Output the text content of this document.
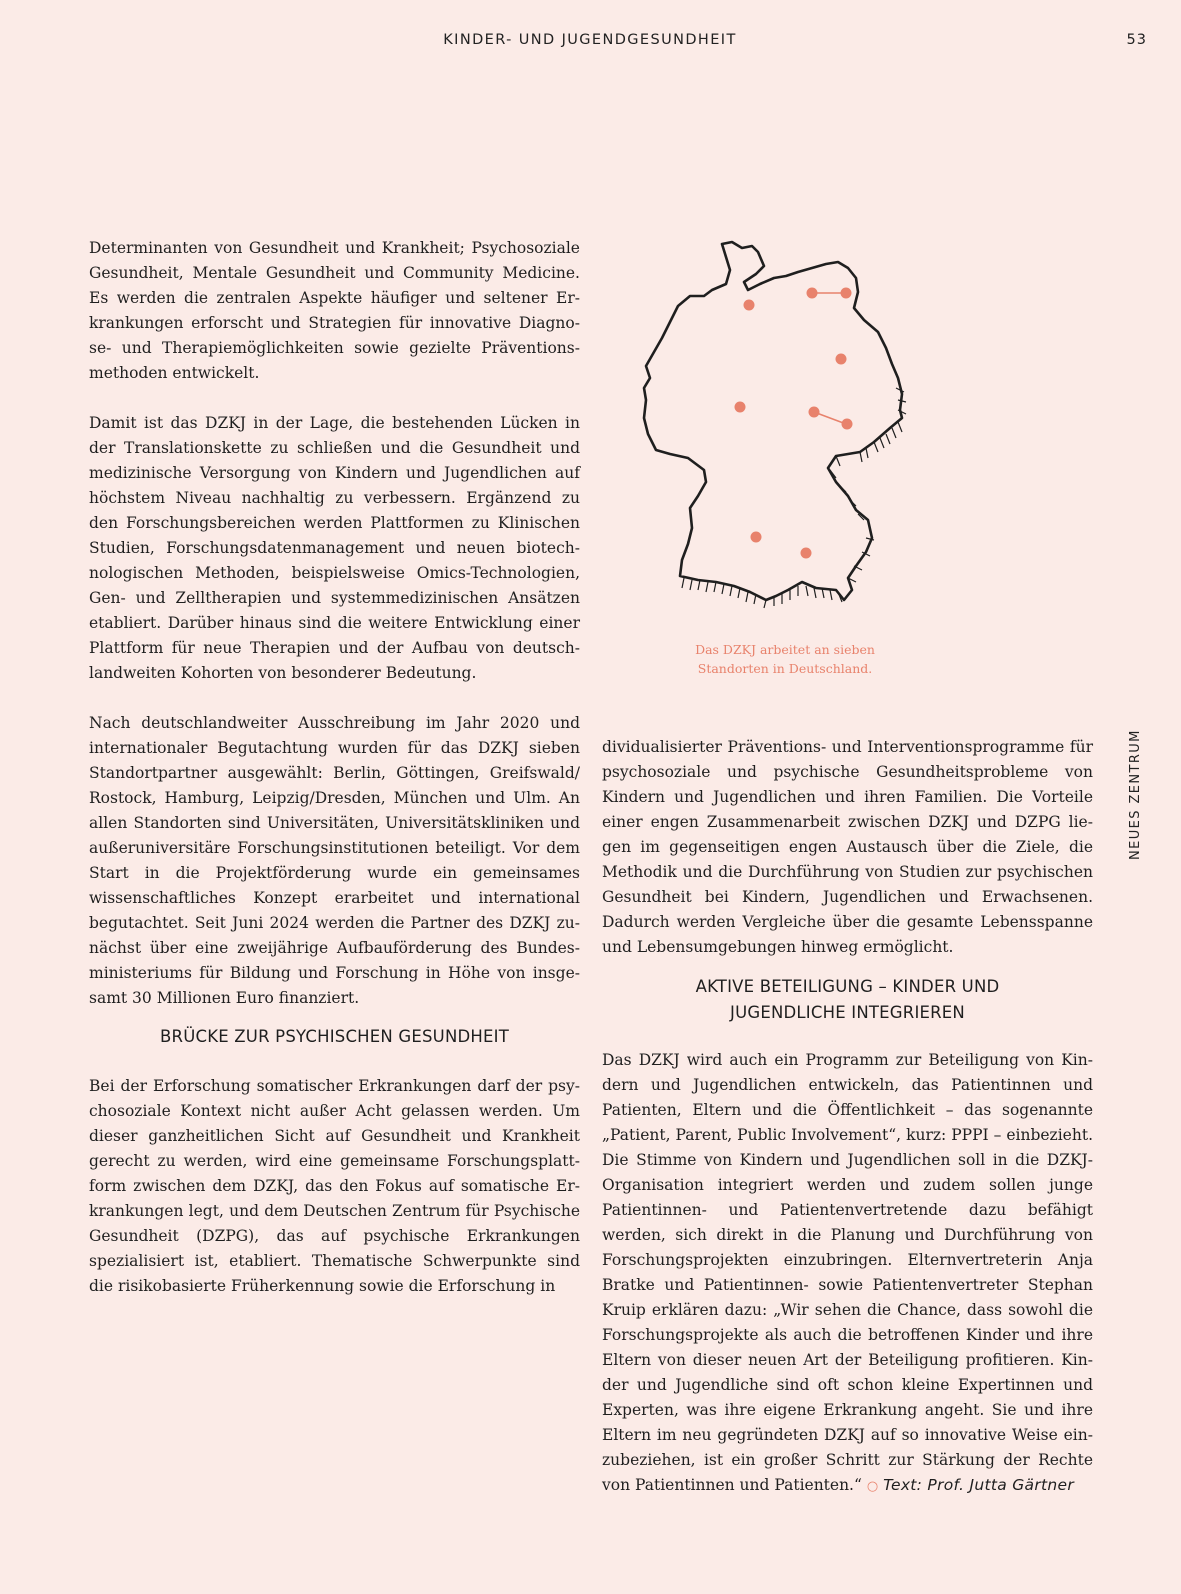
KINDER- UND JUGENDGESUNDHEIT	53
NEUES ZENTRUM

Determinanten von Gesundheit und Krankheit; Psychosoziale Gesundheit, Mentale Gesundheit und Community Medicine. Es werden die zentralen Aspekte häufiger und seltener Erkrankungen erforscht und Strategien für innovative Diagnose- und Therapiemöglichkeiten sowie gezielte Präventionsmethoden entwickelt.

Damit ist das DZKJ in der Lage, die bestehenden Lücken in der Translationskette zu schließen und die Gesundheit und medizinische Versorgung von Kindern und Jugendlichen auf höchstem Niveau nachhaltig zu verbessern. Ergänzend zu den Forschungsbereichen werden Plattformen zu Klinischen Studien, Forschungsdatenmanagement und neuen biotechnologischen Methoden, beispielsweise Omics-Technologien, Gen- und Zelltherapien und systemmedizinischen Ansätzen etabliert. Darüber hinaus sind die weitere Entwicklung einer Plattform für neue Therapien und der Aufbau von deutschlandweiten Kohorten von besonderer Bedeutung.

Nach deutschlandweiter Ausschreibung im Jahr 2020 und internationaler Begutachtung wurden für das DZKJ sieben Standortpartner ausgewählt: Berlin, Göttingen, Greifswald/ Rostock, Hamburg, Leipzig/Dresden, München und Ulm. An allen Standorten sind Universitäten, Universitätskliniken und außeruniversitäre Forschungsinstitutionen beteiligt. Vor dem Start in die Projektförderung wurde ein gemeinsames wissenschaftliches Konzept erarbeitet und international begutachtet. Seit Juni 2024 werden die Partner des DZKJ zunächst über eine zweijährige Aufbauförderung des Bundesministeriums für Bildung und Forschung in Höhe von insgesamt 30 Millionen Euro finanziert.

BRÜCKE ZUR PSYCHISCHEN GESUNDHEIT

Bei der Erforschung somatischer Erkrankungen darf der psychosoziale Kontext nicht außer Acht gelassen werden. Um dieser ganzheitlichen Sicht auf Gesundheit und Krankheit gerecht zu werden, wird eine gemeinsame Forschungsplattform zwischen dem DZKJ, das den Fokus auf somatische Erkrankungen legt, und dem Deutschen Zentrum für Psychische Gesundheit (DZPG), das auf psychische Erkrankungen spezialisiert ist, etabliert. Thematische Schwerpunkte sind die risikobasierte Früherkennung sowie die Erforschung in

Das DZKJ arbeitet an sieben
Standorten in Deutschland.

dividualisierter Präventions- und Interventionsprogramme für psychosoziale und psychische Gesundheitsprobleme von Kindern und Jugendlichen und ihren Familien. Die Vorteile einer engen Zusammenarbeit zwischen DZKJ und DZPG liegen im gegenseitigen engen Austausch über die Ziele, die Methodik und die Durchführung von Studien zur psychischen Gesundheit bei Kindern, Jugendlichen und Erwachsenen. Dadurch werden Vergleiche über die gesamte Lebensspanne und Lebensumgebungen hinweg ermöglicht.

AKTIVE BETEILIGUNG – KINDER UND
JUGENDLICHE INTEGRIEREN

Das DZKJ wird auch ein Programm zur Beteiligung von Kindern und Jugendlichen entwickeln, das Patientinnen und Patienten, Eltern und die Öffentlichkeit – das sogenannte „Patient, Parent, Public Involvement“, kurz: PPPI – einbezieht. Die Stimme von Kindern und Jugendlichen soll in die DZKJ-Organisation integriert werden und zudem sollen junge Patientinnen- und Patientenvertretende dazu befähigt werden, sich direkt in die Planung und Durchführung von Forschungsprojekten einzubringen. Elternvertreterin Anja Bratke und Patientinnen- sowie Patientenvertreter Stephan Kruip erklären dazu: „Wir sehen die Chance, dass sowohl die Forschungsprojekte als auch die betroffenen Kinder und ihre Eltern von dieser neuen Art der Beteiligung profitieren. Kinder und Jugendliche sind oft schon kleine Expertinnen und Experten, was ihre eigene Erkrankung angeht. Sie und ihre Eltern im neu gegründeten DZKJ auf so innovative Weise einzubeziehen, ist ein großer Schritt zur Stärkung der Rechte von Patientinnen und Patienten.“ ○ Text: Prof. Jutta Gärtner
